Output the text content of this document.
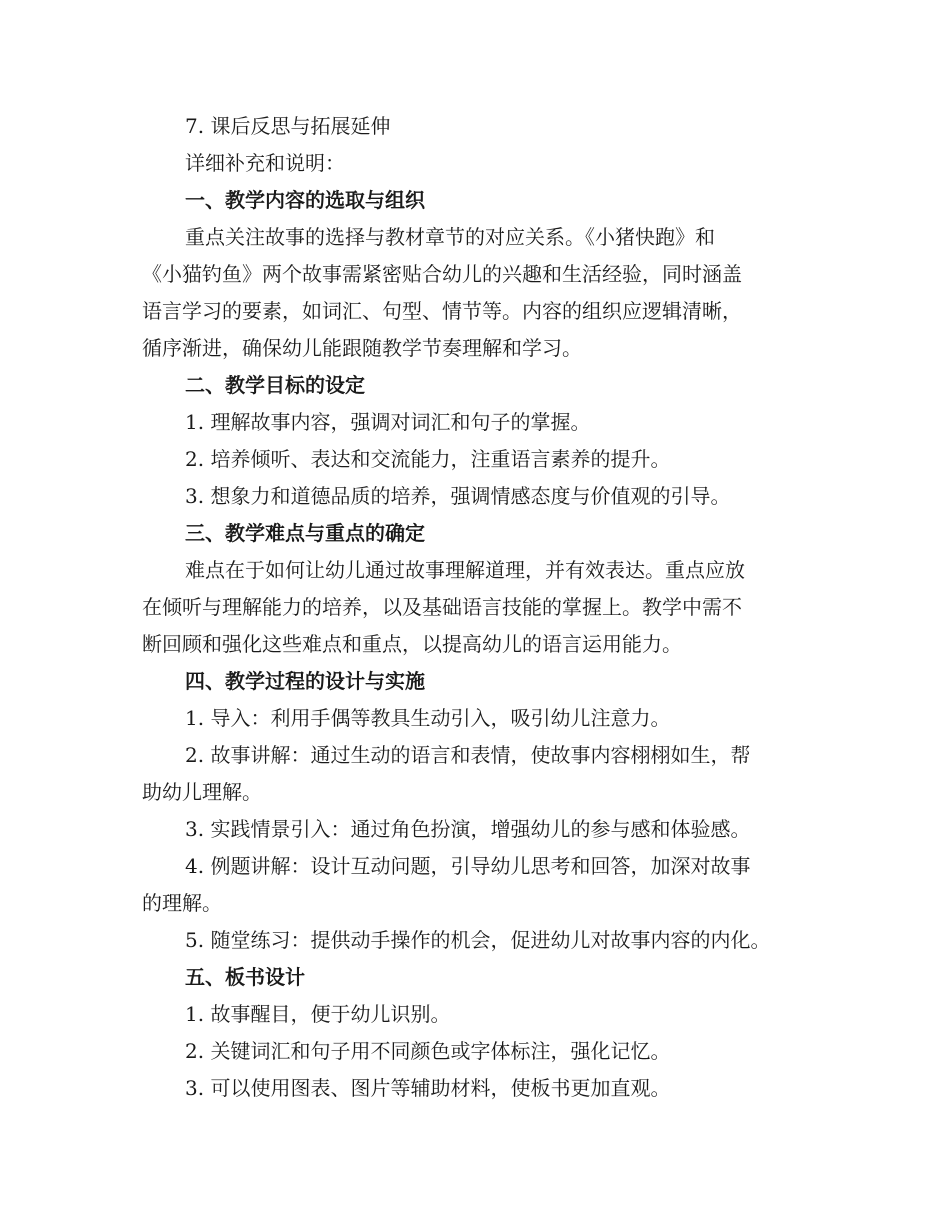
7. 课后反思与拓展延伸
详细补充和说明：
一、教学内容的选取与组织
重点关注故事的选择与教材章节的对应关系。《小猪快跑》和
《小猫钓鱼》两个故事需紧密贴合幼儿的兴趣和生活经验，同时涵盖
语言学习的要素，如词汇、句型、情节等。内容的组织应逻辑清晰，
循序渐进，确保幼儿能跟随教学节奏理解和学习。
二、教学目标的设定
1. 理解故事内容，强调对词汇和句子的掌握。
2. 培养倾听、表达和交流能力，注重语言素养的提升。
3. 想象力和道德品质的培养，强调情感态度与价值观的引导。
三、教学难点与重点的确定
难点在于如何让幼儿通过故事理解道理，并有效表达。重点应放
在倾听与理解能力的培养，以及基础语言技能的掌握上。教学中需不
断回顾和强化这些难点和重点，以提高幼儿的语言运用能力。
四、教学过程的设计与实施
1. 导入：利用手偶等教具生动引入，吸引幼儿注意力。
2. 故事讲解：通过生动的语言和表情，使故事内容栩栩如生，帮
助幼儿理解。
3. 实践情景引入：通过角色扮演，增强幼儿的参与感和体验感。
4. 例题讲解：设计互动问题，引导幼儿思考和回答，加深对故事
的理解。
5. 随堂练习：提供动手操作的机会，促进幼儿对故事内容的内化。
五、板书设计
1. 故事醒目，便于幼儿识别。
2. 关键词汇和句子用不同颜色或字体标注，强化记忆。
3. 可以使用图表、图片等辅助材料，使板书更加直观。
